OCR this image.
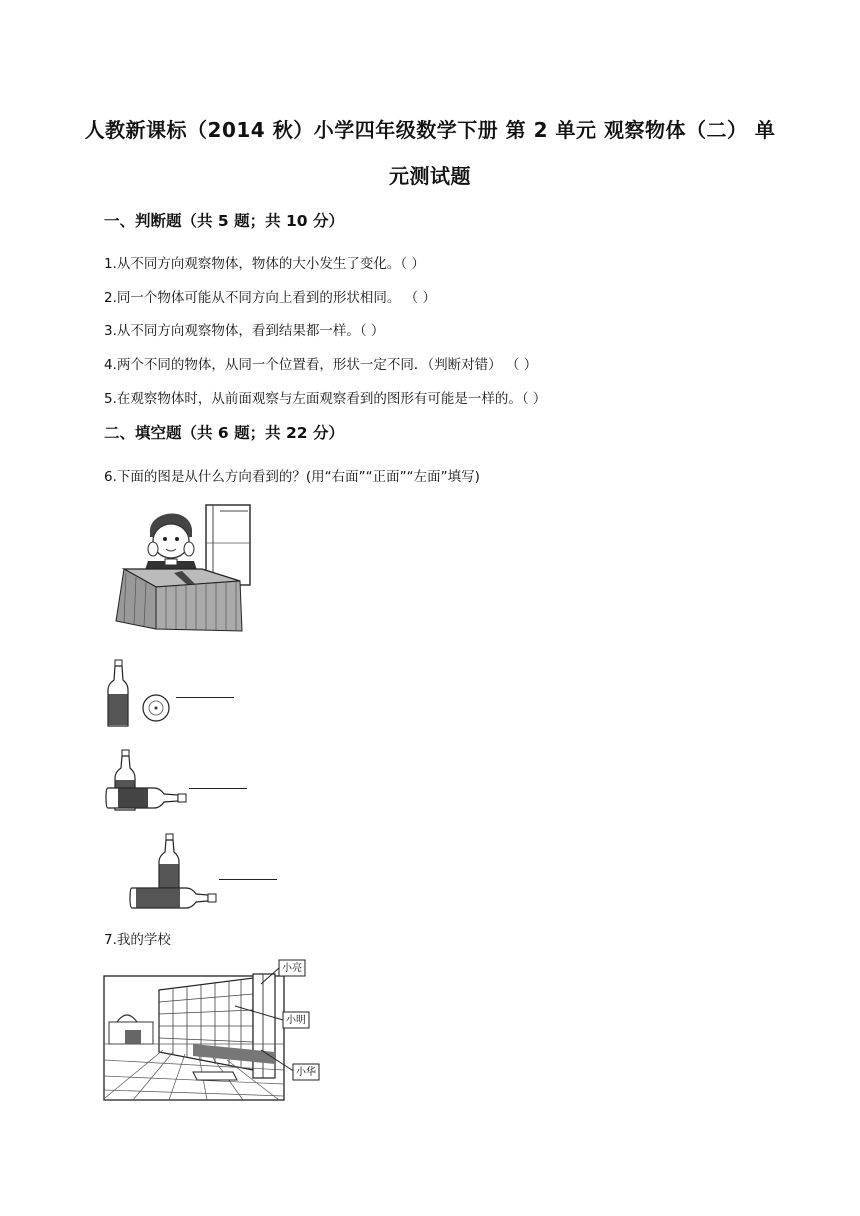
人教新课标（2014 秋）小学四年级数学下册 第 2 单元 观察物体（二） 单
元测试题
一、判断题（共 5 题；共 10 分）
1.从不同方向观察物体，物体的大小发生了变化。（ ）
2.同一个物体可能从不同方向上看到的形状相同。 （ ）
3.从不同方向观察物体，看到结果都一样。（ ）
4.两个不同的物体，从同一个位置看，形状一定不同．（判断对错） （ ）
5.在观察物体时，从前面观察与左面观察看到的图形有可能是一样的。（ ）
二、填空题（共 6 题；共 22 分）
6.下面的图是从什么方向看到的？(用“右面”“正面”“左面”填写)
7.我的学校
小亮
小明
小华
